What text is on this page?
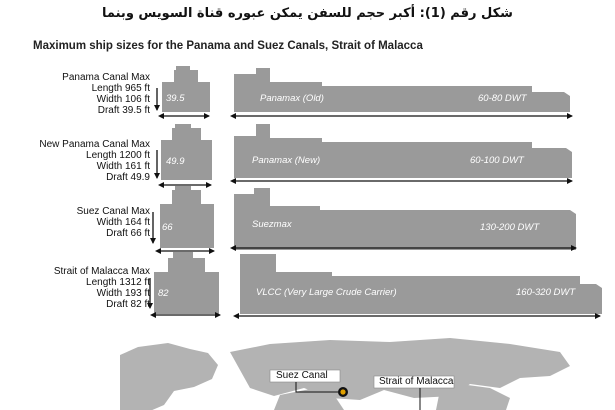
شكل رقم (1): أكبر حجم للسفن يمكن عبوره قناة السويس وبنما
Maximum ship sizes for the Panama and Suez Canals, Strait of Malacca
Panama Canal Max
Length 965 ft
Width 106 ft
Draft 39.5 ft
New Panama Canal Max
Length 1200 ft
Width 161 ft
Draft 49.9
Suez Canal Max
Width 164 ft
Draft 66 ft
Strait of Malacca Max
Length 1312 ft
Width 193 ft
Draft 82 ft
39.5
49.9
66
82
Panamax (Old)
Panamax (New)
Suezmax
VLCC (Very Large Crude Carrier)
60-80 DWT
60-100 DWT
130-200 DWT
160-320 DWT
Suez Canal
Strait of Malacca
